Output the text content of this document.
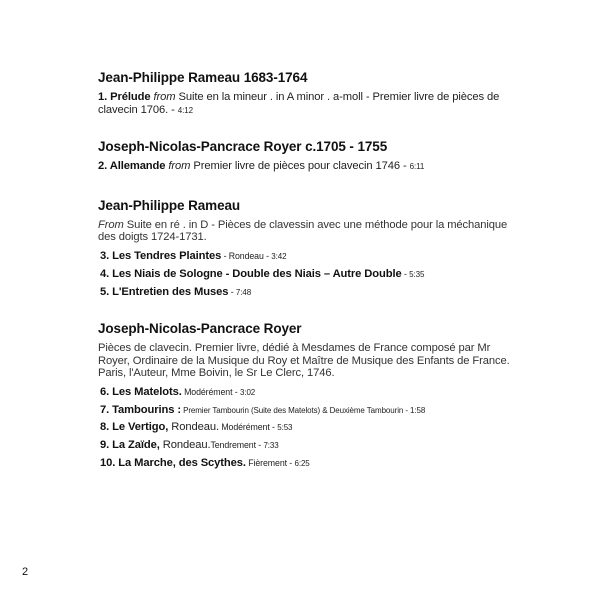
Jean-Philippe Rameau 1683-1764

1. Prélude from Suite en la mineur . in A minor . a-moll - Premier livre de pièces de clavecin 1706. - 4:12

Joseph-Nicolas-Pancrace Royer c.1705 - 1755

2. Allemande from Premier livre de pièces pour clavecin 1746 - 6:11

Jean-Philippe Rameau

From Suite en ré . in D - Pièces de clavessin avec une méthode pour la méchanique des doigts 1724-1731.

3. Les Tendres Plaintes - Rondeau - 3:42

4. Les Niais de Sologne - Double des Niais – Autre Double - 5:35

5. L'Entretien des Muses - 7:48

Joseph-Nicolas-Pancrace Royer

Pièces de clavecin. Premier livre, dédié à Mesdames de France composé par Mr Royer, Ordinaire de la Musique du Roy et Maître de Musique des Enfants de France. Paris, l'Auteur, Mme Boivin, le Sr Le Clerc, 1746.

6. Les Matelots. Modérément - 3:02

7. Tambourins : Premier Tambourin (Suite des Matelots) & Deuxième Tambourin - 1:58

8. Le Vertigo, Rondeau. Modérément - 5:53

9. La Zaïde, Rondeau.Tendrement - 7:33

10. La Marche, des Scythes. Fièrement - 6:25

2
